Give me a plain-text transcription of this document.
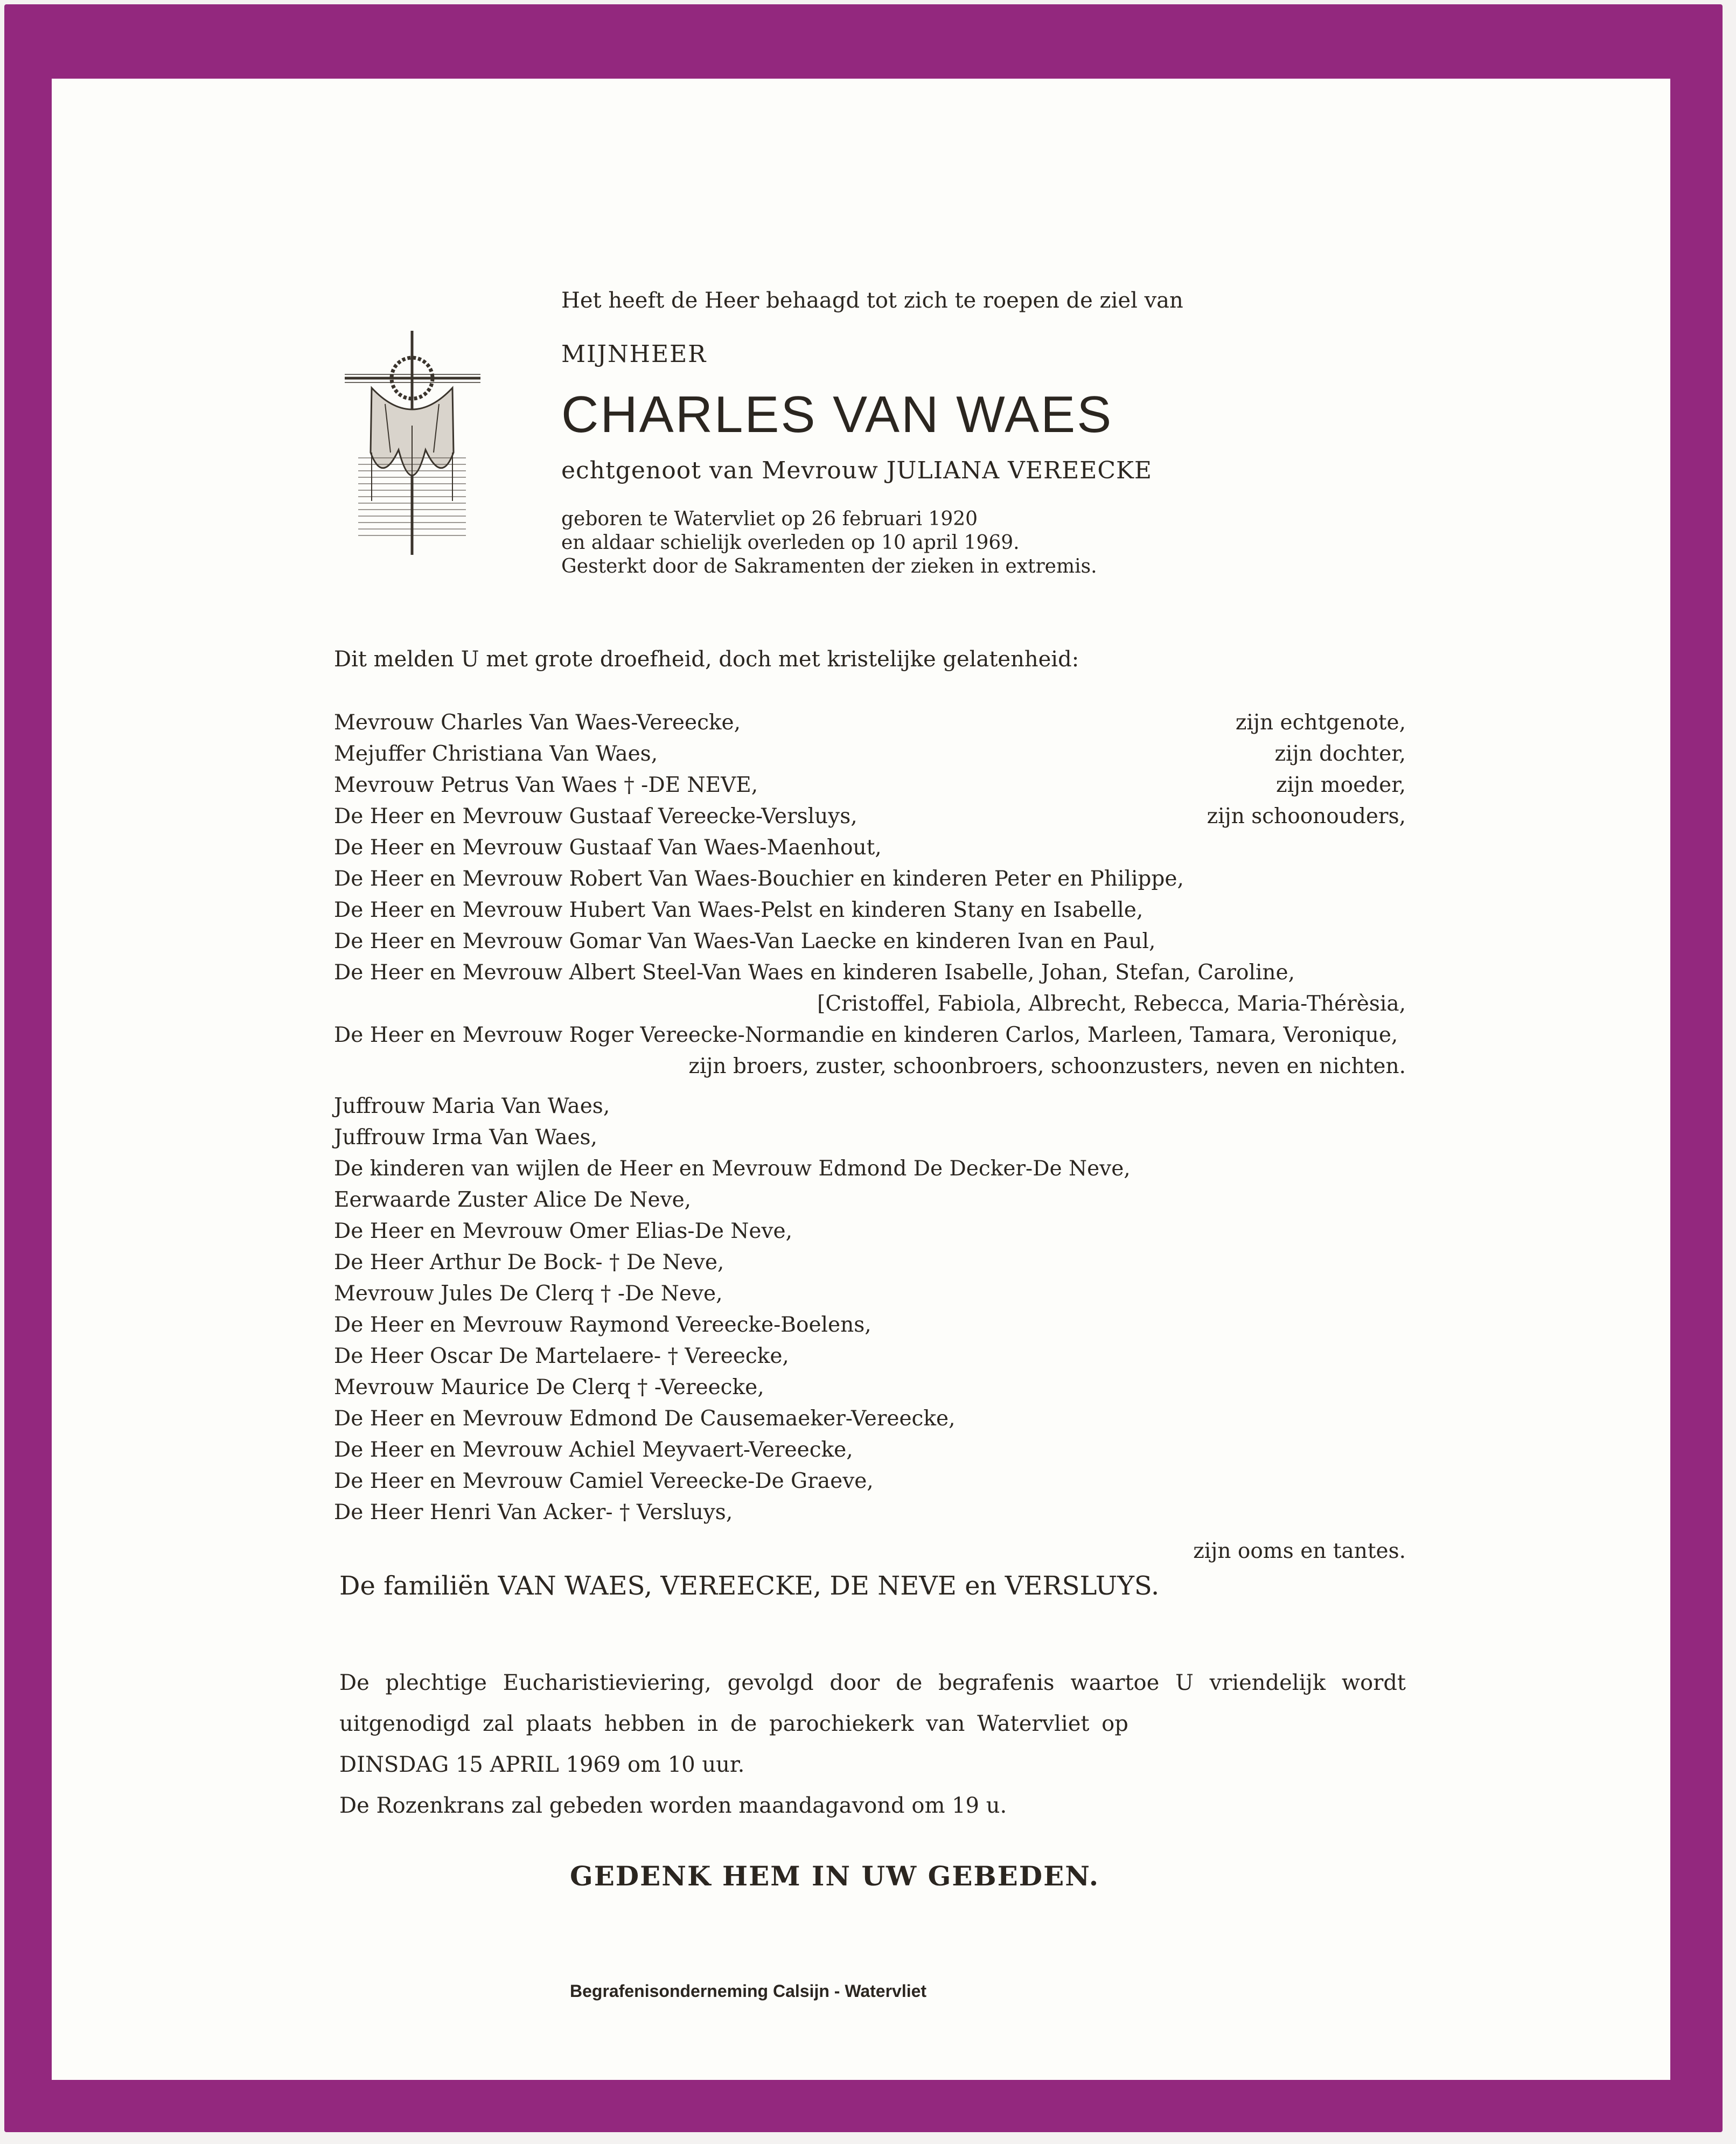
Het heeft de Heer behaagd tot zich te roepen de ziel van
MIJNHEER
CHARLES VAN WAES
echtgenoot van Mevrouw JULIANA VEREECKE
geboren te Watervliet op 26 februari 1920
en aldaar schielijk overleden op 10 april 1969.
Gesterkt door de Sakramenten der zieken in extremis.
Dit melden U met grote droefheid, doch met kristelijke gelatenheid:
Mevrouw Charles Van Waes-Vereecke,	zijn echtgenote,
Mejuffer Christiana Van Waes,	zijn dochter,
Mevrouw Petrus Van Waes † -DE NEVE,	zijn moeder,
De Heer en Mevrouw Gustaaf Vereecke-Versluys,	zijn schoonouders,
De Heer en Mevrouw Gustaaf Van Waes-Maenhout,
De Heer en Mevrouw Robert Van Waes-Bouchier en kinderen Peter en Philippe,
De Heer en Mevrouw Hubert Van Waes-Pelst en kinderen Stany en Isabelle,
De Heer en Mevrouw Gomar Van Waes-Van Laecke en kinderen Ivan en Paul,
De Heer en Mevrouw Albert Steel-Van Waes en kinderen Isabelle, Johan, Stefan, Caroline,
[Cristoffel, Fabiola, Albrecht, Rebecca, Maria-Thérèsia,
De Heer en Mevrouw Roger Vereecke-Normandie en kinderen Carlos, Marleen, Tamara, Veronique,
zijn broers, zuster, schoonbroers, schoonzusters, neven en nichten.
Juffrouw Maria Van Waes,
Juffrouw Irma Van Waes,
De kinderen van wijlen de Heer en Mevrouw Edmond De Decker-De Neve,
Eerwaarde Zuster Alice De Neve,
De Heer en Mevrouw Omer Elias-De Neve,
De Heer Arthur De Bock- † De Neve,
Mevrouw Jules De Clerq † -De Neve,
De Heer en Mevrouw Raymond Vereecke-Boelens,
De Heer Oscar De Martelaere- † Vereecke,
Mevrouw Maurice De Clerq † -Vereecke,
De Heer en Mevrouw Edmond De Causemaeker-Vereecke,
De Heer en Mevrouw Achiel Meyvaert-Vereecke,
De Heer en Mevrouw Camiel Vereecke-De Graeve,
De Heer Henri Van Acker- † Versluys,
zijn ooms en tantes.
De familiën VAN WAES, VEREECKE, DE NEVE en VERSLUYS.
De plechtige Eucharistieviering, gevolgd door de begrafenis waartoe U vriendelijk wordt
uitgenodigd zal plaats hebben in de parochiekerk van Watervliet op
DINSDAG 15 APRIL 1969 om 10 uur.
De Rozenkrans zal gebeden worden maandagavond om 19 u.
GEDENK HEM IN UW GEBEDEN.
Begrafenisonderneming Calsijn - Watervliet
